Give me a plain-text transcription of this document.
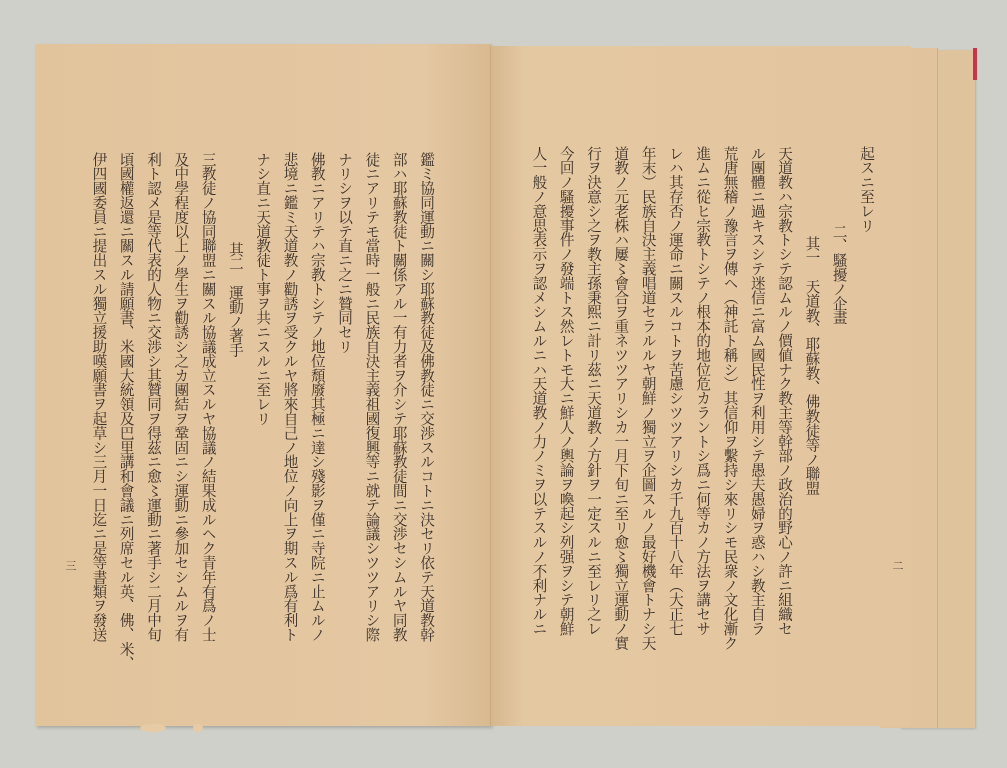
起スニ至レリ
二、騷擾ノ企畫
其一　天道教、耶蘇教、佛教徒等ノ聯盟
天道教ハ宗教トシテ認ムルノ價値ナク教主等幹部ノ政治的野心ノ許ニ組織セ
ル團體ニ過キスシテ迷信ニ富ム國民性ヲ利用シテ愚夫愚婦ヲ惑ハシ教主自ラ
荒唐無稽ノ豫言ヲ傳ヘ（神託ト稱シ）其信仰ヲ繫持シ來リシモ民衆ノ文化漸ク
進ムニ從ヒ宗教トシテノ根本的地位危カラントシ爲ニ何等カノ方法ヲ講セサ
レハ其存否ノ運命ニ關スルコトヲ苦慮シツツアリシカ千九百十八年（大正七
年末）民族自決主義唱道セラルルヤ朝鮮ノ獨立ヲ企圖スルノ最好機會トナシ天
道教ノ元老株ハ屢〻會合ヲ重ネツツアリシカ一月下旬ニ至リ愈〻獨立運動ノ實
行ヲ決意シ之ヲ教主孫秉熙ニ計リ茲ニ天道教ノ方針ヲ一定スルニ至レリ之レ
今回ノ騷擾事件ノ發端トス然レトモ大ニ鮮人ノ輿論ヲ喚起シ列强ヲシテ朝鮮
人一般ノ意思表示ヲ認メシムルニハ天道教ノ力ノミヲ以テスルノ不利ナルニ	二
鑑ミ協同運動ニ關シ耶蘇教徒及佛教徒ニ交渉スルコトニ決セリ依テ天道教幹
部ハ耶蘇教徒ト關係アル一有力者ヲ介シテ耶蘇教徒間ニ交渉セシムルヤ同教
徒ニアリテモ當時一般ニ民族自決主義祖國復興等ニ就テ論議シツツアリシ際
ナリシヲ以テ直ニ之ニ贊同セリ
佛教ニアリテハ宗教トシテノ地位頹廢其極ニ達シ殘影ヲ僅ニ寺院ニ止ムルノ
悲境ニ鑑ミ天道教ノ勸誘ヲ受クルヤ將來自己ノ地位ノ向上ヲ期スル爲有利ト
ナシ直ニ天道教徒ト事ヲ共ニスルニ至レリ
其二　運動ノ著手
三教徒ノ協同聯盟ニ關スル協議成立スルヤ協議ノ結果成ルヘク青年有爲ノ士
及中學程度以上ノ學生ヲ勸誘シ之カ團結ヲ鞏固ニシ運動ニ參加セシムルヲ有
利ト認メ是等代表的人物ニ交渉シ其贊同ヲ得茲ニ愈〻運動ニ著手シ二月中旬
頃國權返還ニ關スル請願書、米國大統領及巴里講和會議ニ列席セル英、佛、米、
伊四國委員ニ提出スル獨立援助嘆願書ヲ起草シ三月一日迄ニ是等書類ヲ發送
三
